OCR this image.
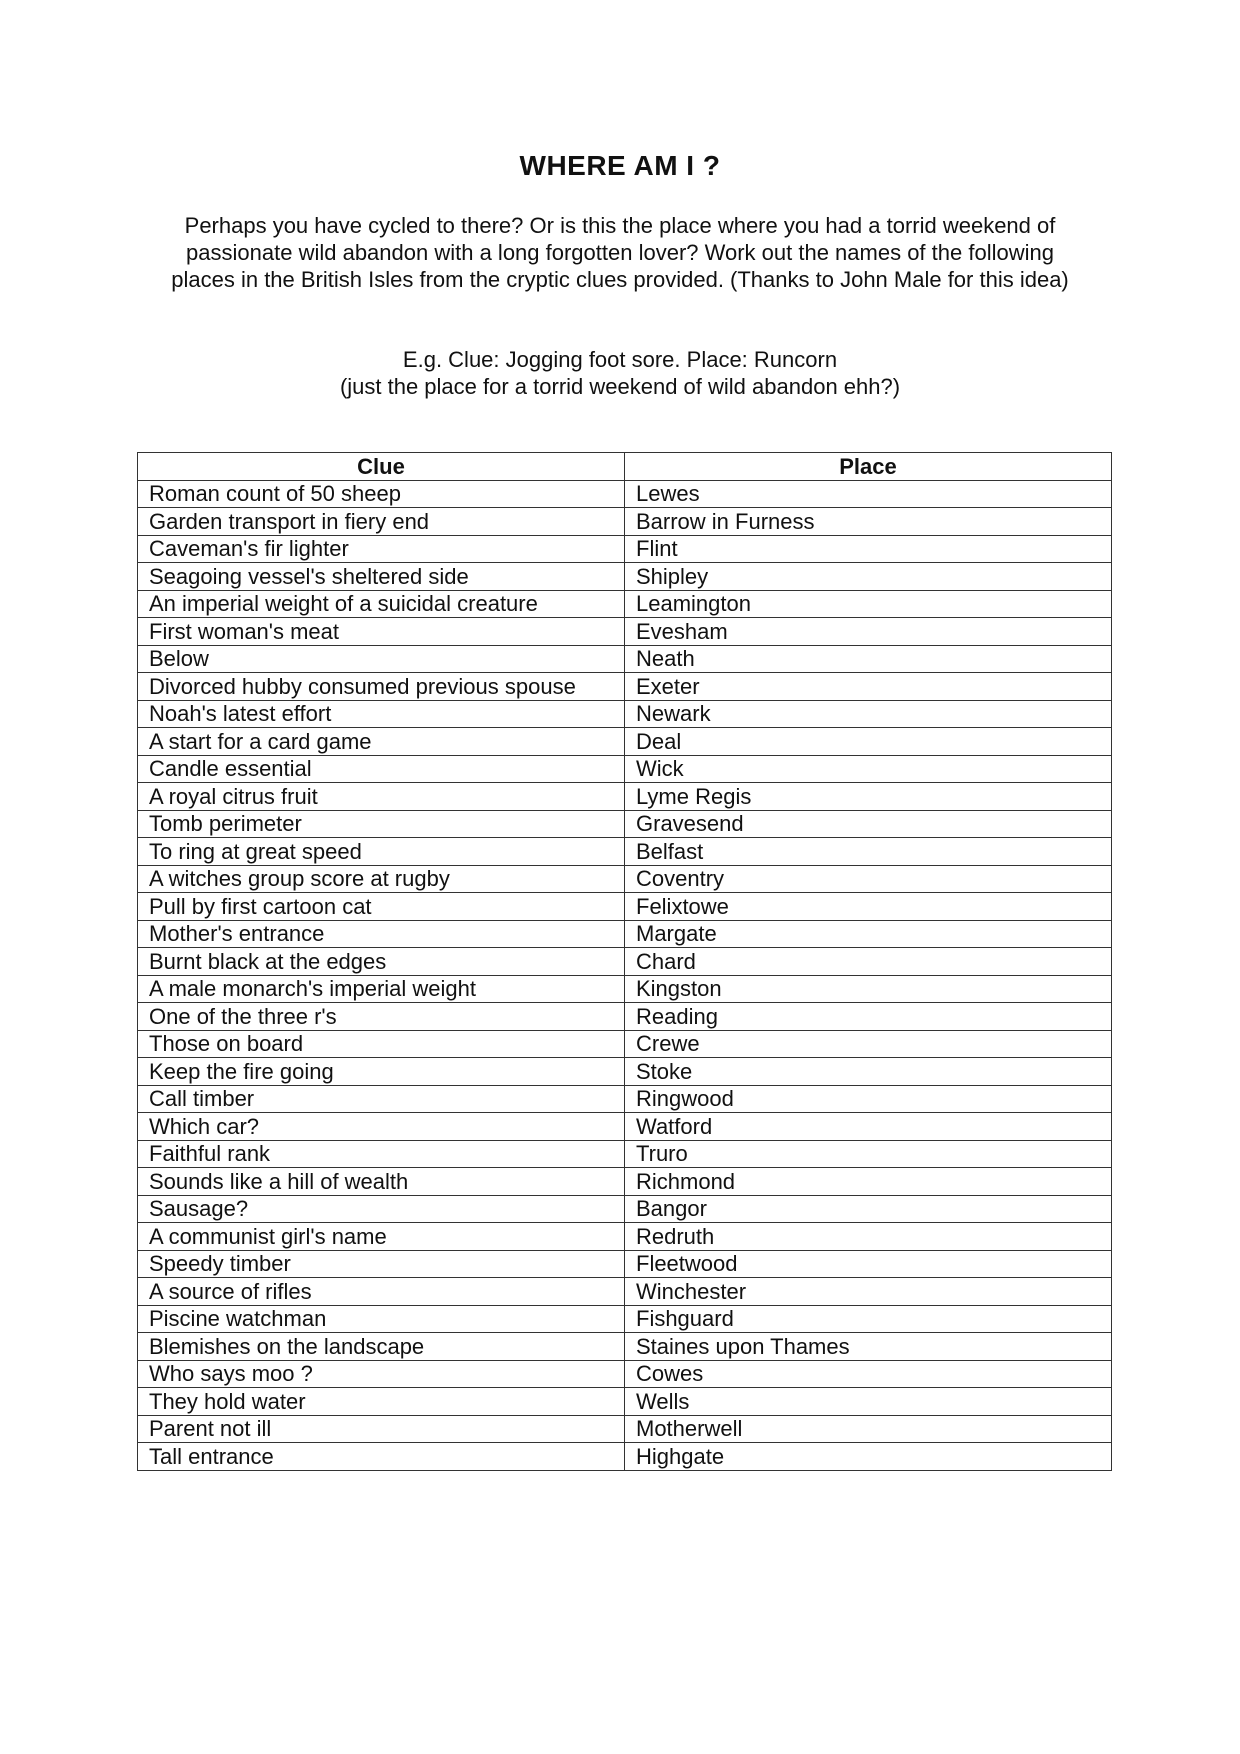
WHERE AM I ?
Perhaps you have cycled to there? Or is this the place where you had a torrid weekend of
passionate wild abandon with a long forgotten lover? Work out the names of the following
places in the British Isles from the cryptic clues provided. (Thanks to John Male for this idea)
E.g. Clue: Jogging foot sore. Place: Runcorn
(just the place for a torrid weekend of wild abandon ehh?)
Clue	Place
Roman count of 50 sheep	Lewes
Garden transport in fiery end	Barrow in Furness
Caveman's fir lighter	Flint
Seagoing vessel's sheltered side	Shipley
An imperial weight of a suicidal creature	Leamington
First woman's meat	Evesham
Below	Neath
Divorced hubby consumed previous spouse	Exeter
Noah's latest effort	Newark
A start for a card game	Deal
Candle essential	Wick
A royal citrus fruit	Lyme Regis
Tomb perimeter	Gravesend
To ring at great speed	Belfast
A witches group score at rugby	Coventry
Pull by first cartoon cat	Felixtowe
Mother's entrance	Margate
Burnt black at the edges	Chard
A male monarch's imperial weight	Kingston
One of the three r's	Reading
Those on board	Crewe
Keep the fire going	Stoke
Call timber	Ringwood
Which car?	Watford
Faithful rank	Truro
Sounds like a hill of wealth	Richmond
Sausage?	Bangor
A communist girl's name	Redruth
Speedy timber	Fleetwood
A source of rifles	Winchester
Piscine watchman	Fishguard
Blemishes on the landscape	Staines upon Thames
Who says moo ?	Cowes
They hold water	Wells
Parent not ill	Motherwell
Tall entrance	Highgate
